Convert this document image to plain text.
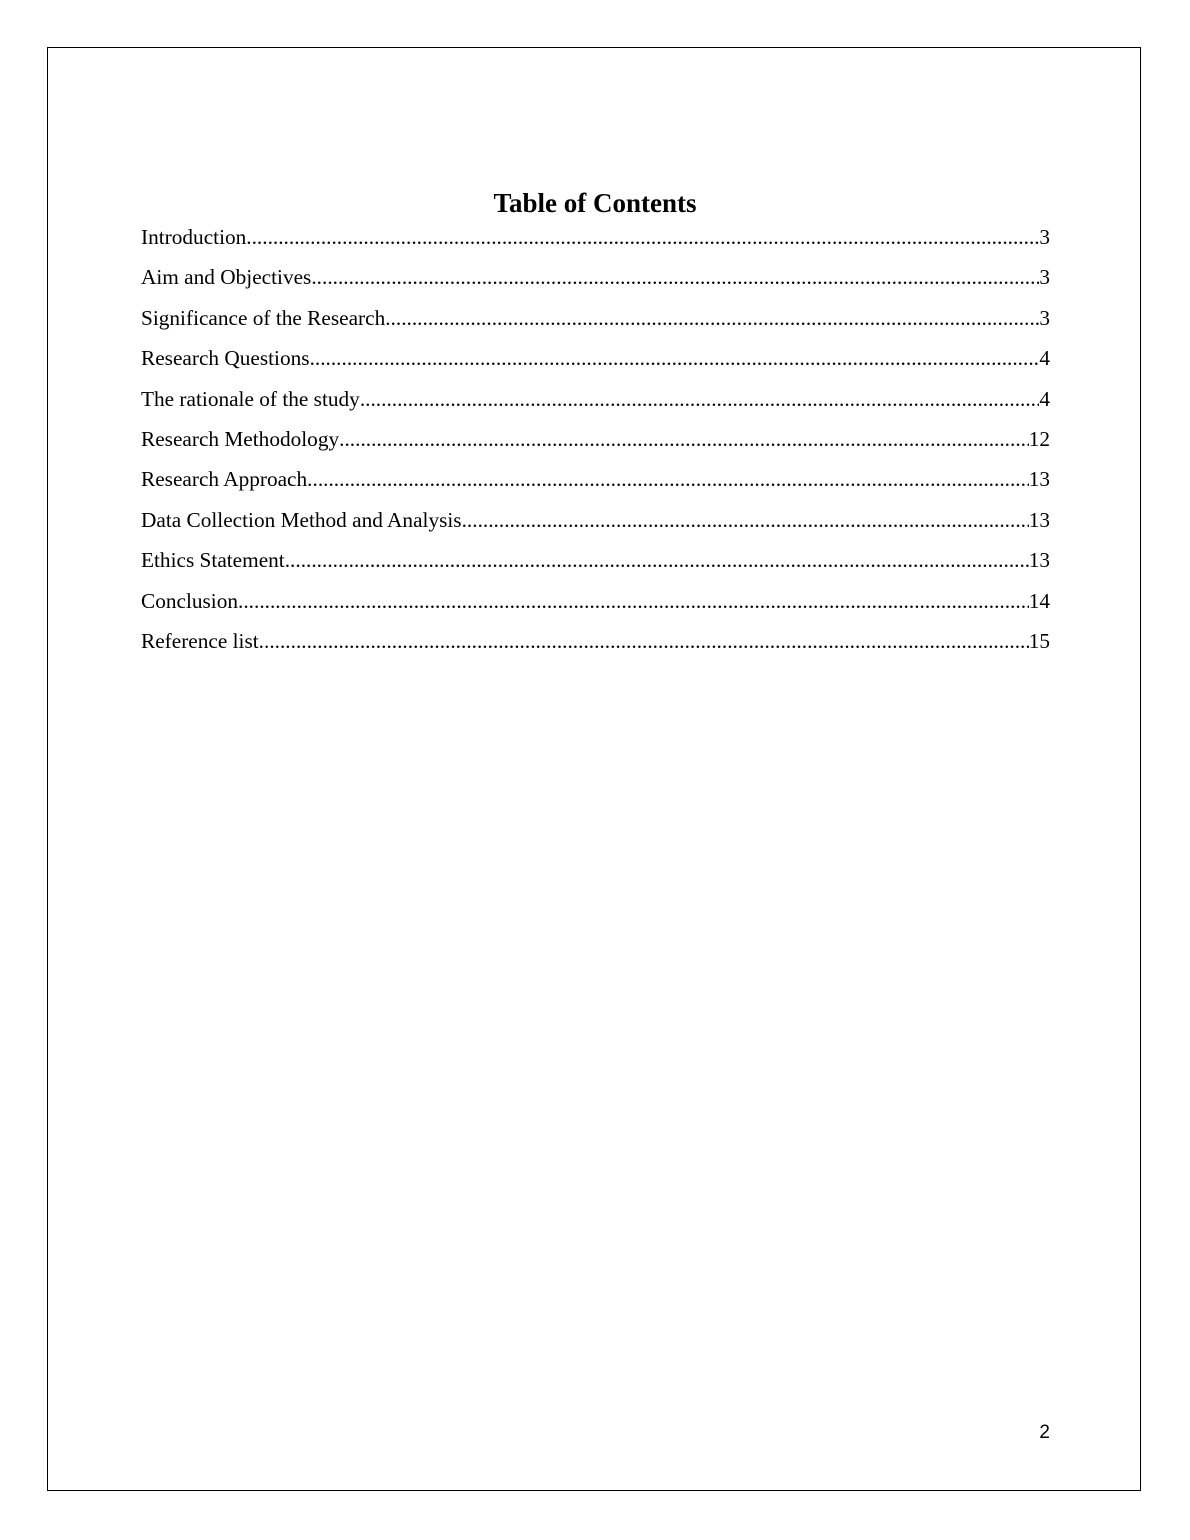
Table of Contents
Introduction .....	3
Aim and Objectives .....	3
Significance of the Research .....	3
Research Questions .....	4
The rationale of the study .....	4
Research Methodology .....	12
Research Approach .....	13
Data Collection Method and Analysis .....	13
Ethics Statement .....	13
Conclusion .....	14
Reference list .....	15
2
